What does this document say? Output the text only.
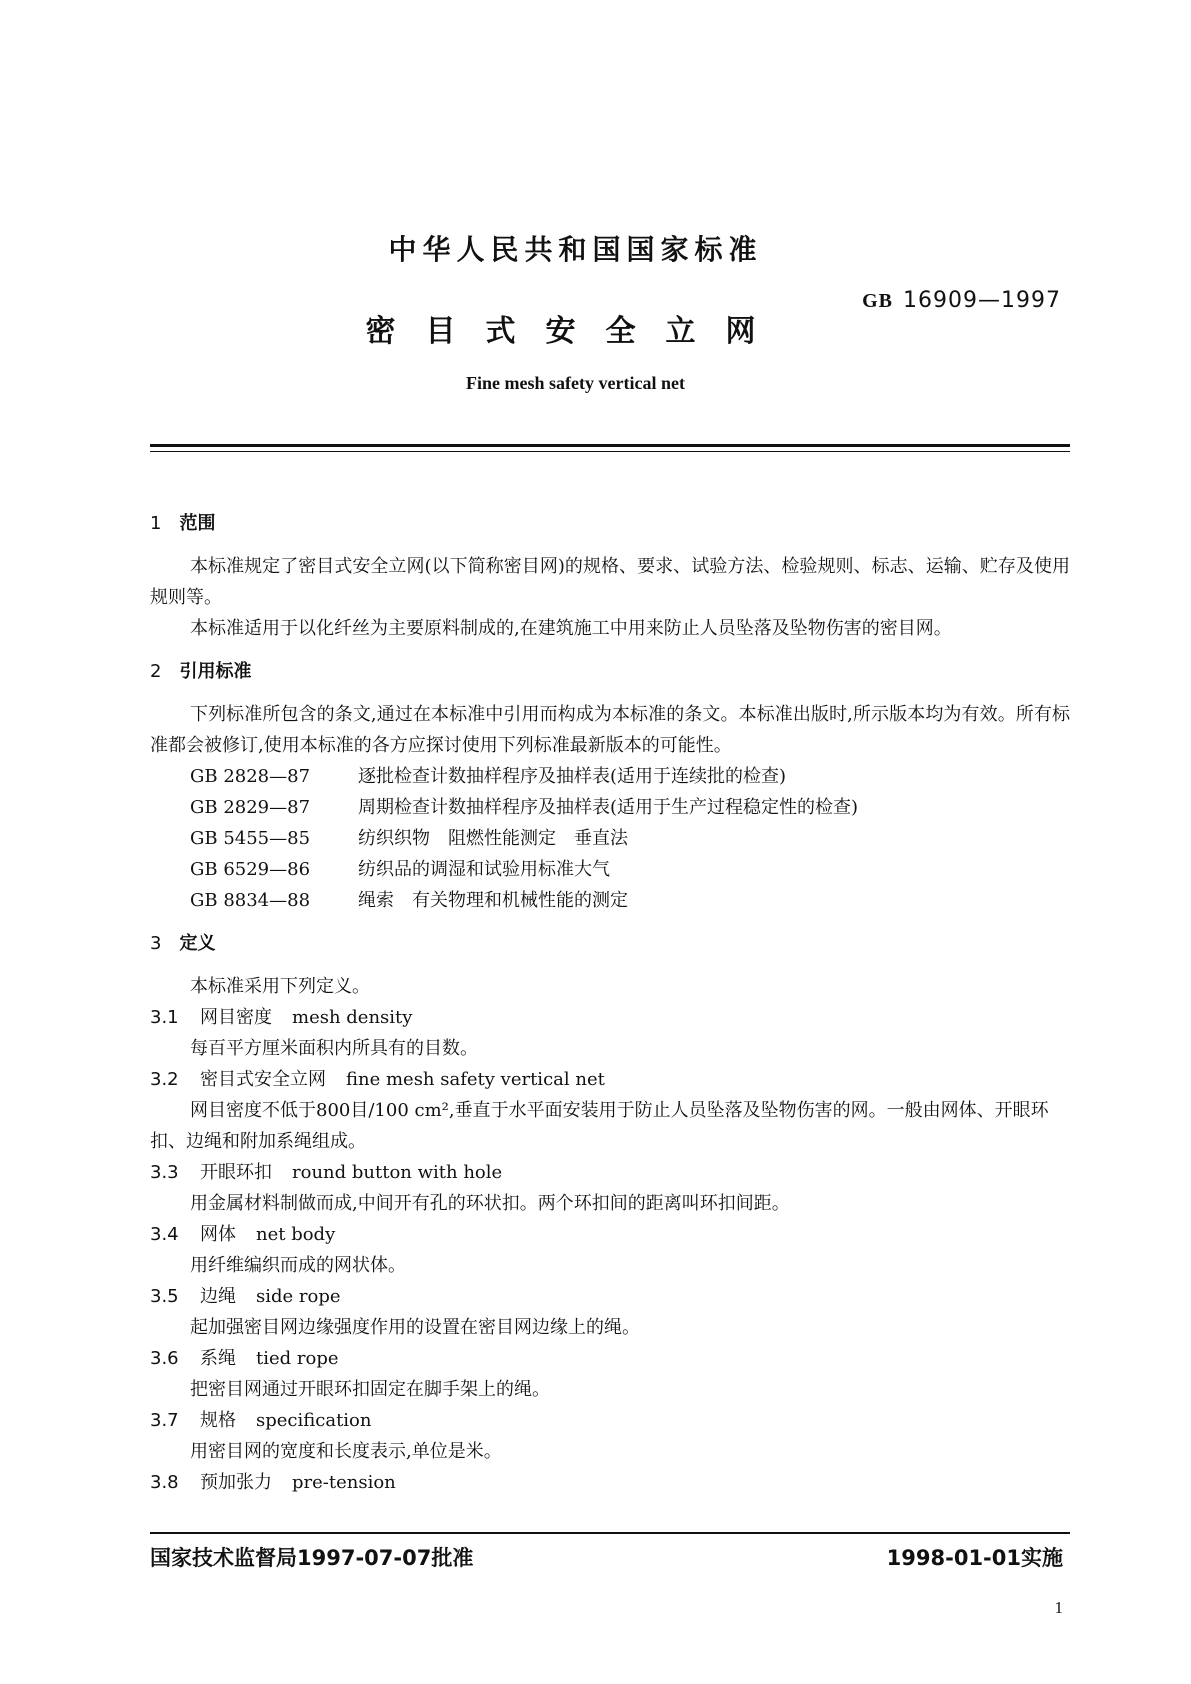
中华人民共和国国家标准
GB 16909—1997
密目式安全立网
Fine mesh safety vertical net
1 范围
本标准规定了密目式安全立网(以下简称密目网)的规格、要求、试验方法、检验规则、标志、运输、贮存及使用规则等。
本标准适用于以化纤丝为主要原料制成的,在建筑施工中用来防止人员坠落及坠物伤害的密目网。
2 引用标准
下列标准所包含的条文,通过在本标准中引用而构成为本标准的条文。本标准出版时,所示版本均为有效。所有标准都会被修订,使用本标准的各方应探讨使用下列标准最新版本的可能性。
GB 2828—87	逐批检查计数抽样程序及抽样表(适用于连续批的检查)
GB 2829—87	周期检查计数抽样程序及抽样表(适用于生产过程稳定性的检查)
GB 5455—85	纺织织物　阻燃性能测定　垂直法
GB 6529—86	纺织品的调湿和试验用标准大气
GB 8834—88	绳索　有关物理和机械性能的测定
3 定义
本标准采用下列定义。
3.1 网目密度 mesh density
每百平方厘米面积内所具有的目数。
3.2 密目式安全立网 fine mesh safety vertical net
网目密度不低于800目/100 cm²,垂直于水平面安装用于防止人员坠落及坠物伤害的网。一般由网体、开眼环扣、边绳和附加系绳组成。
3.3 开眼环扣 round button with hole
用金属材料制做而成,中间开有孔的环状扣。两个环扣间的距离叫环扣间距。
3.4 网体 net body
用纤维编织而成的网状体。
3.5 边绳 side rope
起加强密目网边缘强度作用的设置在密目网边缘上的绳。
3.6 系绳 tied rope
把密目网通过开眼环扣固定在脚手架上的绳。
3.7 规格 specification
用密目网的宽度和长度表示,单位是米。
3.8 预加张力 pre-tension
国家技术监督局1997-07-07批准	1998-01-01实施
1
